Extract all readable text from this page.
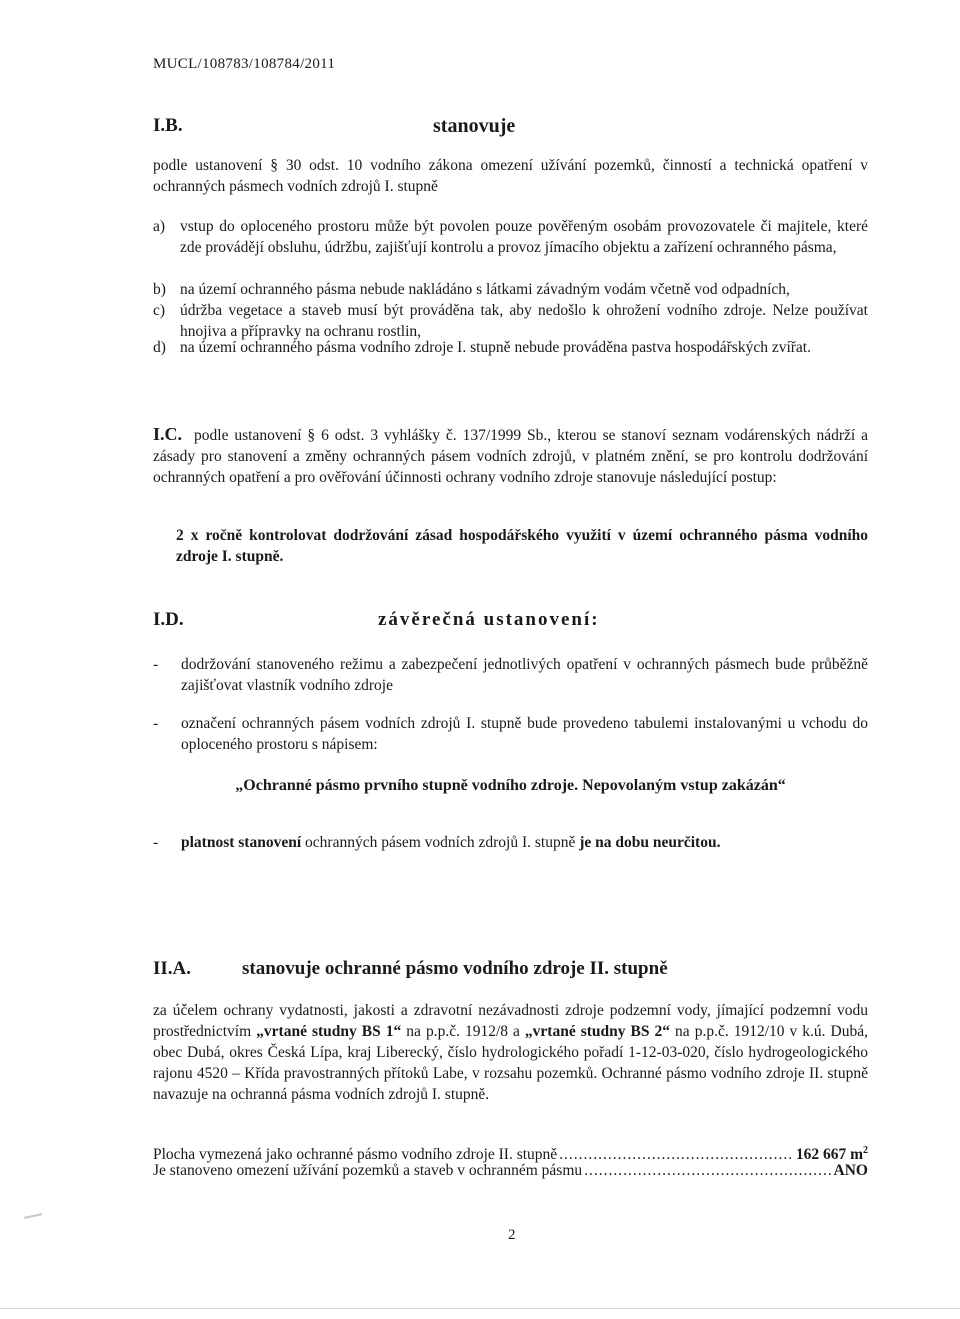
MUCL/108783/108784/2011
I.B.	stanovuje
podle ustanovení § 30 odst. 10 vodního zákona omezení užívání pozemků, činností a technická opatření v ochranných pásmech vodních zdrojů I. stupně
a) vstup do oploceného prostoru může být povolen pouze pověřeným osobám provozovatele či majitele, které zde provádějí obsluhu, údržbu, zajišťují kontrolu a provoz jímacího objektu a zařízení ochranného pásma,
b) na území ochranného pásma nebude nakládáno s látkami závadným vodám včetně vod odpadních,
c) údržba vegetace a staveb musí být prováděna tak, aby nedošlo k ohrožení vodního zdroje. Nelze používat hnojiva a přípravky na ochranu rostlin,
d) na území ochranného pásma vodního zdroje I. stupně nebude prováděna pastva hospodářských zvířat.
I.C. podle ustanovení § 6 odst. 3 vyhlášky č. 137/1999 Sb., kterou se stanoví seznam vodárenských nádrží a zásady pro stanovení a změny ochranných pásem vodních zdrojů, v platném znění, se pro kontrolu dodržování ochranných opatření a pro ověřování účinnosti ochrany vodního zdroje stanovuje následující postup:
2 x ročně kontrolovat dodržování zásad hospodářského využití v území ochranného pásma vodního zdroje I. stupně.
I.D.	závěrečná ustanovení:
- dodržování stanoveného režimu a zabezpečení jednotlivých opatření v ochranných pásmech bude průběžně zajišťovat vlastník vodního zdroje
- označení ochranných pásem vodních zdrojů I. stupně bude provedeno tabulemi instalovanými u vchodu do oploceného prostoru s nápisem:
„Ochranné pásmo prvního stupně vodního zdroje. Nepovolaným vstup zakázán“
- platnost stanovení ochranných pásem vodních zdrojů I. stupně je na dobu neurčitou.
II.A.	stanovuje ochranné pásmo vodního zdroje II. stupně
za účelem ochrany vydatnosti, jakosti a zdravotní nezávadnosti zdroje podzemní vody, jímající podzemní vodu prostřednictvím „vrtané studny BS 1“ na p.p.č. 1912/8 a „vrtané studny BS 2“ na p.p.č. 1912/10 v k.ú. Dubá, obec Dubá, okres Česká Lípa, kraj Liberecký, číslo hydrologického pořadí 1-12-03-020, číslo hydrogeologického rajonu 4520 – Křída pravostranných přítoků Labe, v rozsahu pozemků. Ochranné pásmo vodního zdroje II. stupně navazuje na ochranná pásma vodních zdrojů I. stupně.
Plocha vymezená jako ochranné pásmo vodního zdroje II. stupně .....	162 667 $m^2$
Je stanoveno omezení užívání pozemků a staveb v ochranném pásmu .....	ANO
2
